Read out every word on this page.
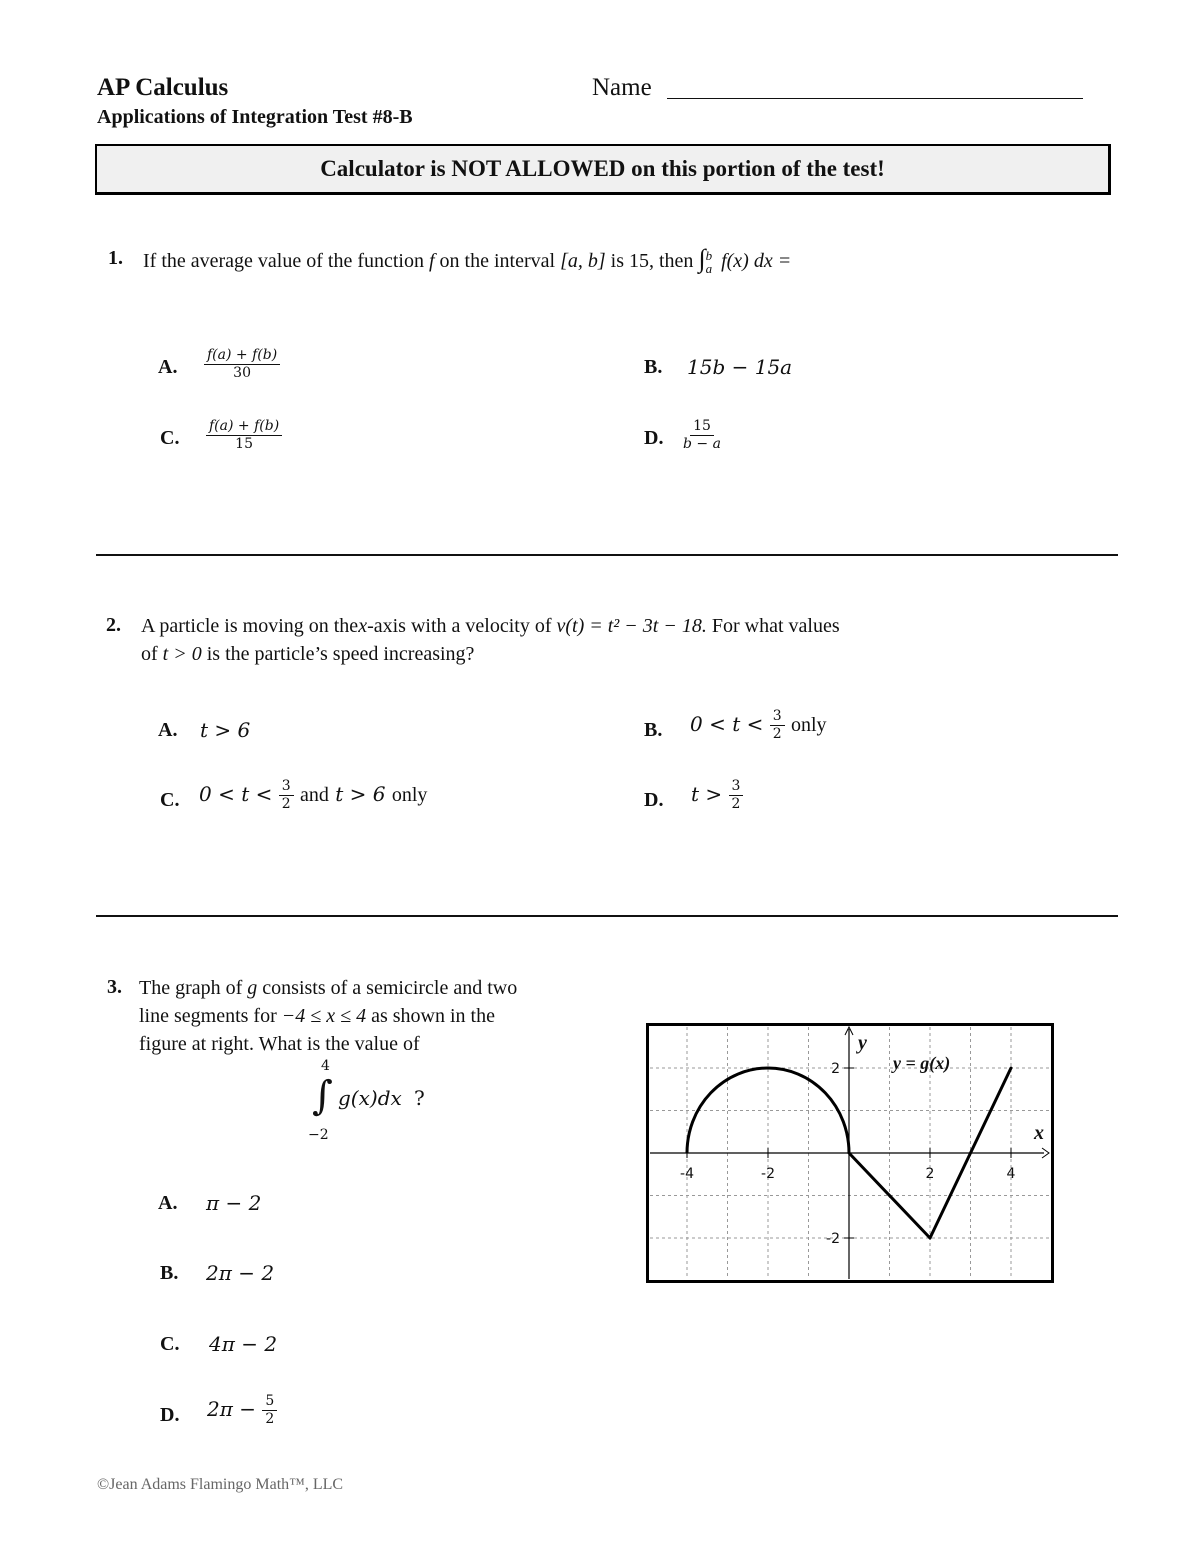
AP Calculus
Applications of Integration Test #8-B
Name
Calculator is NOT ALLOWED on this portion of the test!
1. If the average value of the function f on the interval [a, b] is 15, then ∫ b
a f(x) dx =
A. $\frac{f(a) + f(b)}{30}$	B. 15b − 15a
C. $\frac{f(a) + f(b)}{15}$	D. $\frac{15}{b - a}$
2. A particle is moving on thex-axis with a velocity of v(t) = t² − 3t − 18. For what values
of t > 0 is the particle’s speed increasing?
A. t > 6	B. $0 < t < \frac{3}{2}$ only
C. $0 < t < \frac{3}{2}$ and t > 6 only	D. $t > \frac{3}{2}$
3. The graph of g consists of a semicircle and two
line segments for −4 ≤ x ≤ 4 as shown in the
figure at right. What is the value of
4
∫
−2
g(x)dx ?
A. π − 2
B. 2π − 2
C. 4π − 2
D. $2\pi - \frac{5}{2}$
-4	-2	2	4
2
-2
x
y
y = g(x)
©Jean Adams Flamingo Math™, LLC
